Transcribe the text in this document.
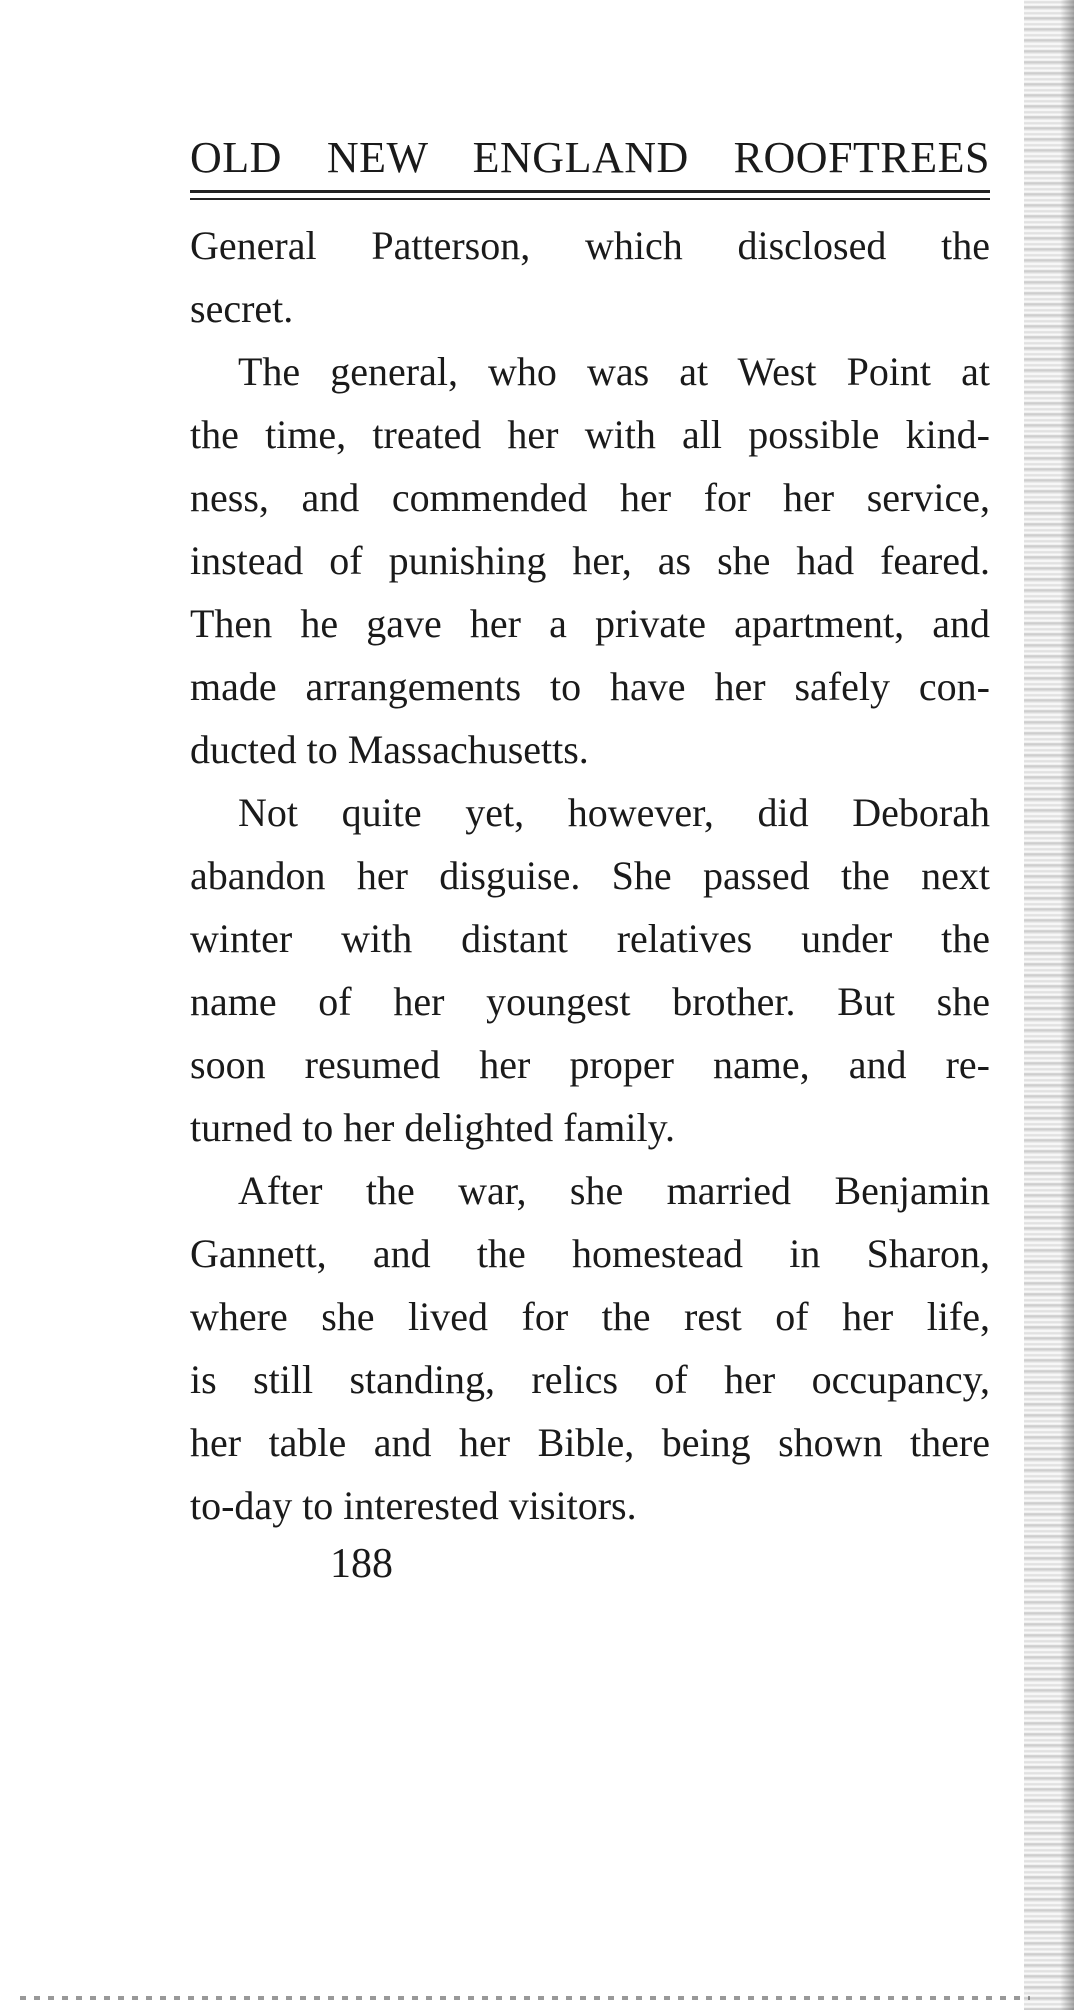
OLD NEW ENGLAND ROOFTREES

General Patterson, which disclosed the
secret.

The general, who was at West Point at
the time, treated her with all possible kind-
ness, and commended her for her service,
instead of punishing her, as she had feared.
Then he gave her a private apartment, and
made arrangements to have her safely con-
ducted to Massachusetts.

Not quite yet, however, did Deborah
abandon her disguise. She passed the next
winter with distant relatives under the
name of her youngest brother. But she
soon resumed her proper name, and re-
turned to her delighted family.

After the war, she married Benjamin
Gannett, and the homestead in Sharon,
where she lived for the rest of her life,
is still standing, relics of her occupancy,
her table and her Bible, being shown there
to-day to interested visitors.

188
